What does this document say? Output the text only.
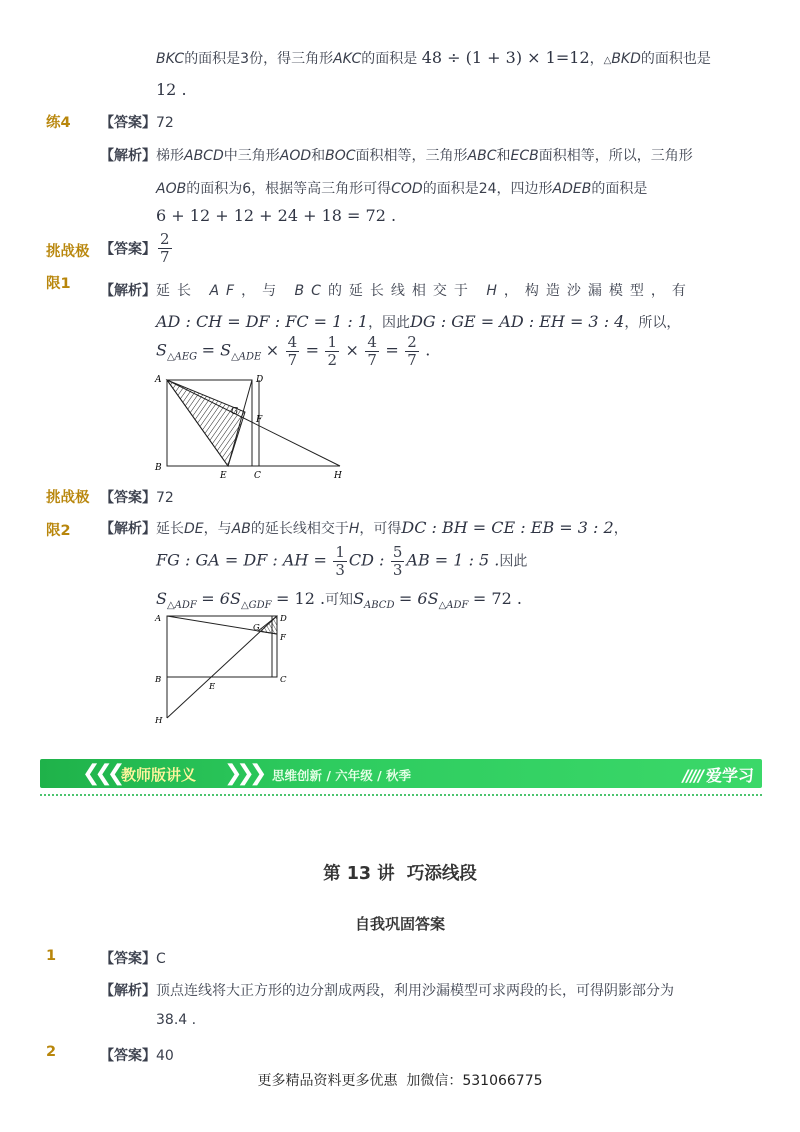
BKC的面积是3份，得三角形AKC的面积是 48 ÷ (1 + 3) × 1=12，△BKD的面积也是
12 .
练4 【答案】72
【解析】梯形ABCD中三角形AOD和BOC面积相等，三角形ABC和ECB面积相等，所以，三角形
AOB的面积为6，根据等高三角形可得COD的面积是24，四边形ADEB的面积是
6 + 12 + 12 + 24 + 18 = 72 .
挑战极
限1
【答案】 $\frac{2}{7}$
【解析】延长 AF，与 BC的延长线相交于 H，构造沙漏模型，有
AD : CH = DF : FC = 1 : 1，因此DG : GE = AD : EH = 3 : 4，所以，
$S_{\triangle AEG} = S_{\triangle ADE} \times \frac{4}{7} = \frac{1}{2} \times \frac{4}{7} = \frac{2}{7}$ .
A	D
G
F
B
E	C	H
挑战极
限2
【答案】72
【解析】延长DE，与AB的延长线相交于H，可得DC : BH = CE : EB = 3 : 2，
FG : GA = DF : AH = $\frac{1}{3}$ CD : $\frac{5}{3}$ AB = 1 : 5 .因此
$S_{\triangle ADF} = 6S_{\triangle GDF} = 12$ .可知$S_{ABCD} = 6S_{\triangle ADF} = 72$ .
A	D
G
F
B
E
C
H
❮❮❮ 教师版讲义 ❯❯❯ 思维创新 / 六年级 / 秋季	///// 爱学习
第 13 讲  巧添线段
自我巩固答案
1	【答案】C
【解析】顶点连线将大正方形的边分割成两段，利用沙漏模型可求两段的长，可得阴影部分为
38.4 .
2	【答案】40
更多精品资料更多优惠  加微信：531066775
